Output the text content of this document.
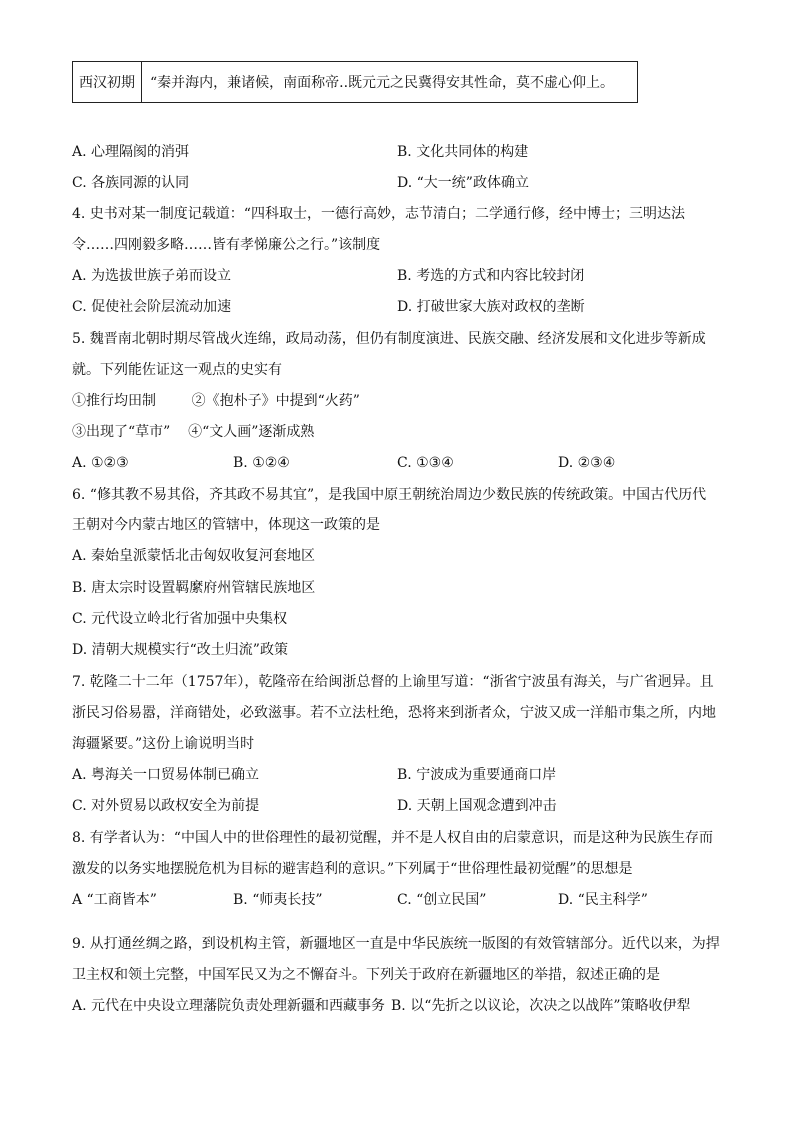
西汉初期	“秦并海内，兼诸候，南面称帝..既元元之民冀得安其性命，莫不虚心仰上。
A. 心理隔阂的消弭	B. 文化共同体的构建
C. 各族同源的认同	D. “大一统”政体确立
4. 史书对某一制度记载道：“四科取士，一德行高妙，志节清白；二学通行修，经中博士；三明达法
令……四刚毅多略……皆有孝悌廉公之行。”该制度
A. 为选拔世族子弟而设立	B. 考选的方式和内容比较封闭
C. 促使社会阶层流动加速	D. 打破世家大族对政权的垄断
5. 魏晋南北朝时期尽管战火连绵，政局动荡，但仍有制度演进、民族交融、经济发展和文化进步等新成
就。下列能佐证这一观点的史实有
①推行均田制        ②《抱朴子》中提到“火药”
③出现了“草市”    ④“文人画”逐渐成熟
A. ①②③	B. ①②④	C. ①③④	D. ②③④
6. “修其教不易其俗，齐其政不易其宜”，是我国中原王朝统治周边少数民族的传统政策。中国古代历代
王朝对今内蒙古地区的管辖中，体现这一政策的是
A. 秦始皇派蒙恬北击匈奴收复河套地区
B. 唐太宗时设置羁縻府州管辖民族地区
C. 元代设立岭北行省加强中央集权
D. 清朝大规模实行“改土归流”政策
7. 乾隆二十二年（1757年），乾隆帝在给闽浙总督的上谕里写道：“浙省宁波虽有海关，与广省迥异。且
浙民习俗易嚣，洋商错处，必致滋事。若不立法杜绝，恐将来到浙者众，宁波又成一洋船市集之所，内地
海疆紧要。”这份上谕说明当时
A. 粤海关一口贸易体制已确立	B. 宁波成为重要通商口岸
C. 对外贸易以政权安全为前提	D. 天朝上国观念遭到冲击
8. 有学者认为：“中国人中的世俗理性的最初觉醒，并不是人权自由的启蒙意识，而是这种为民族生存而
激发的以务实地摆脱危机为目标的避害趋利的意识。”下列属于“世俗理性最初觉醒”的思想是
A “工商皆本”	B. “师夷长技”	C. “创立民国”	D. “民主科学”
9. 从打通丝绸之路，到设机构主管，新疆地区一直是中华民族统一版图的有效管辖部分。近代以来，为捍
卫主权和领土完整，中国军民又为之不懈奋斗。下列关于政府在新疆地区的举措，叙述正确的是
A. 元代在中央设立理藩院负责处理新疆和西藏事务 B. 以“先折之以议论，次决之以战阵”策略收伊犁
